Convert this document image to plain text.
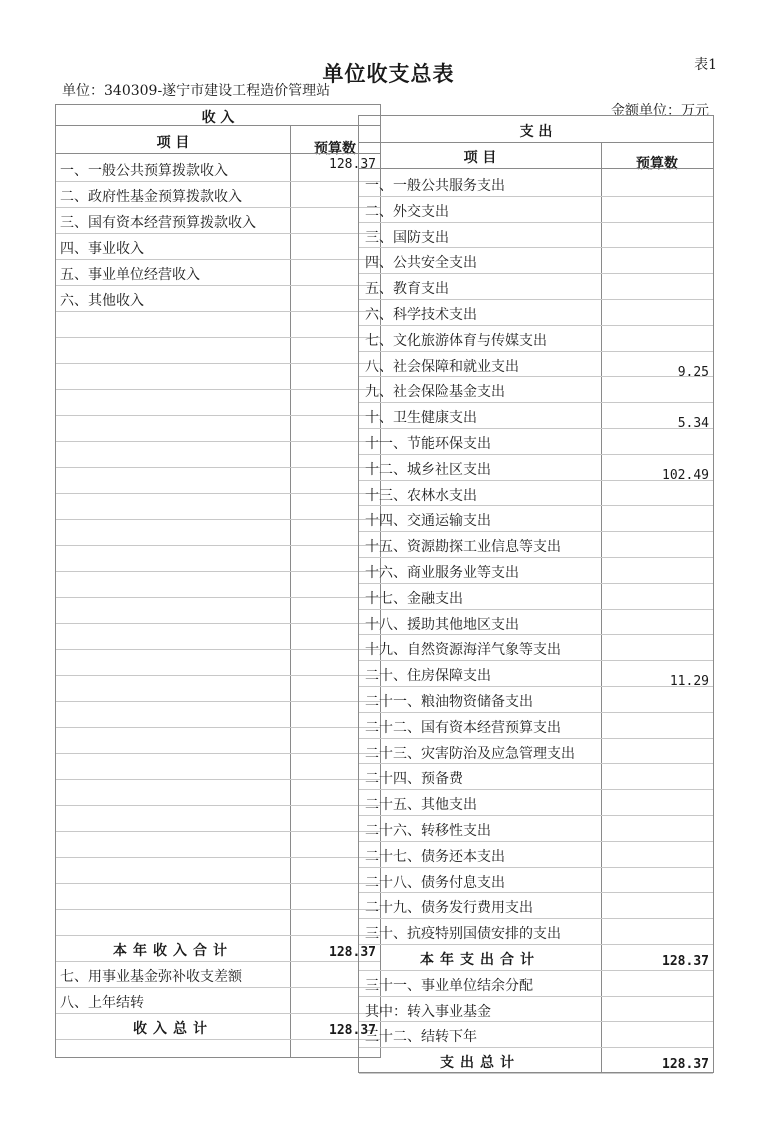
单位收支总表	表1
单位：340309-遂宁市建设工程造价管理站
金额单位：万元
收 入
项 目	预算数
一、一般公共预算拨款收入	128.37
二、政府性基金预算拨款收入
三、国有资本经营预算拨款收入
四、事业收入
五、事业单位经营收入
六、其他收入
本年收入合计	128.37
七、用事业基金弥补收支差额
八、上年结转
收入总计	128.37
支 出
项 目	预算数
一、一般公共服务支出
二、外交支出
三、国防支出
四、公共安全支出
五、教育支出
六、科学技术支出
七、文化旅游体育与传媒支出
八、社会保障和就业支出	9.25
九、社会保险基金支出
十、卫生健康支出	5.34
十一、节能环保支出
十二、城乡社区支出	102.49
十三、农林水支出
十四、交通运输支出
十五、资源勘探工业信息等支出
十六、商业服务业等支出
十七、金融支出
十八、援助其他地区支出
十九、自然资源海洋气象等支出
二十、住房保障支出	11.29
二十一、粮油物资储备支出
二十二、国有资本经营预算支出
二十三、灾害防治及应急管理支出
二十四、预备费
二十五、其他支出
二十六、转移性支出
二十七、债务还本支出
二十八、债务付息支出
二十九、债务发行费用支出
三十、抗疫特别国债安排的支出
本年支出合计	128.37
三十一、事业单位结余分配
其中：转入事业基金
三十二、结转下年
支出总计	128.37
